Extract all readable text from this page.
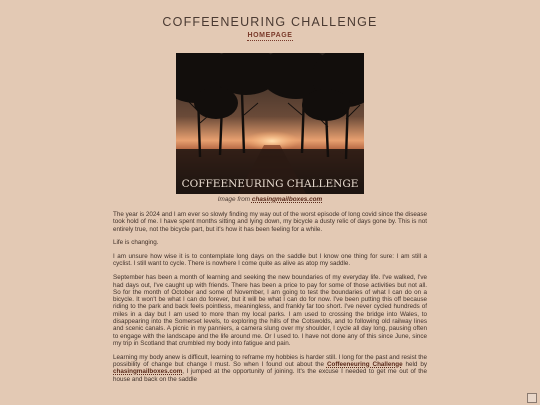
COFFEENEURING CHALLENGE
HOMEPAGE
COFFEENEURING CHALLENGE
Image from chasingmailboxes.com

The year is 2024 and I am ever so slowly finding my way out of the worst episode of long covid since the disease took hold of me. I have spent months sitting and lying down, my bicycle a dusty relic of days gone by. This is not entirely true, not the bicycle part, but it's how it has been feeling for a while.

Life is changing.

I am unsure how wise it is to contemplate long days on the saddle but I know one thing for sure: I am still a cyclist. I still want to cycle. There is nowhere I come quite as alive as atop my saddle.

September has been a month of learning and seeking the new boundaries of my everyday life. I've walked, I've had days out, I've caught up with friends. There has been a price to pay for some of those activities but not all. So for the month of October and some of November, I am going to test the boundaries of what I can do on a bicycle. It won't be what I can do forever, but it will be what I can do for now. I've been putting this off because riding to the park and back feels pointless, meaningless, and frankly far too short. I've never cycled hundreds of miles in a day but I am used to more than my local parks. I am used to crossing the bridge into Wales, to disappearing into the Somerset levels, to exploring the hills of the Cotswolds, and to following old railway lines and scenic canals. A picnic in my panniers, a camera slung over my shoulder, I cycle all day long, pausing often to engage with the landscape and the life around me. Or I used to. I have not done any of this since June, since my trip in Scotland that crumbled my body into fatigue and pain.

Learning my body anew is difficult, learning to reframe my hobbies is harder still. I long for the past and resist the possibility of change but change I must. So when I found out about the Coffeeneuring Challenge held by chasingmailboxes.com, I jumped at the opportunity of joining. It's the excuse I needed to get me out of the house and back on the saddle
